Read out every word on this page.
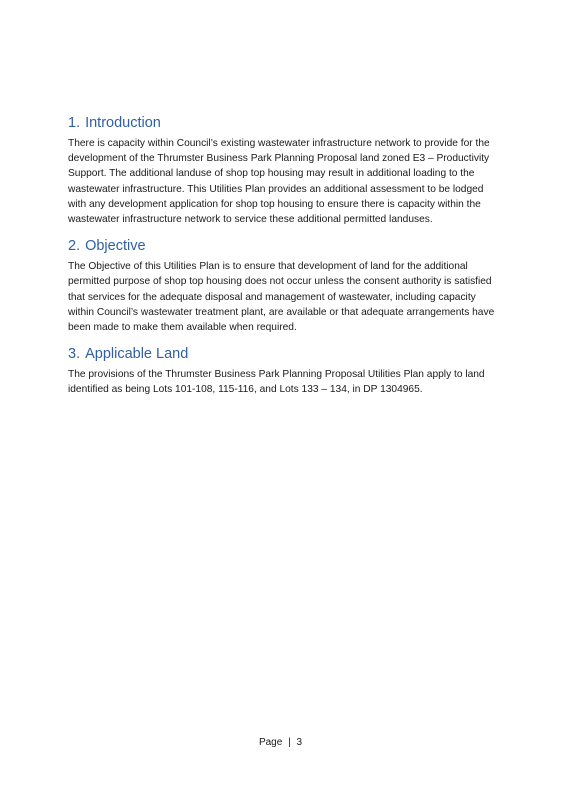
1. Introduction

There is capacity within Council’s existing wastewater infrastructure network to provide for the development of the Thrumster Business Park Planning Proposal land zoned E3 – Productivity Support. The additional landuse of shop top housing may result in additional loading to the wastewater infrastructure. This Utilities Plan provides an additional assessment to be lodged with any development application for shop top housing to ensure there is capacity within the wastewater infrastructure network to service these additional permitted landuses.

2. Objective

The Objective of this Utilities Plan is to ensure that development of land for the additional permitted purpose of shop top housing does not occur unless the consent authority is satisfied that services for the adequate disposal and management of wastewater, including capacity within Council’s wastewater treatment plant, are available or that adequate arrangements have been made to make them available when required.

3. Applicable Land

The provisions of the Thrumster Business Park Planning Proposal Utilities Plan apply to land identified as being Lots 101-108, 115-116, and Lots 133 – 134, in DP 1304965.

Page | 3
